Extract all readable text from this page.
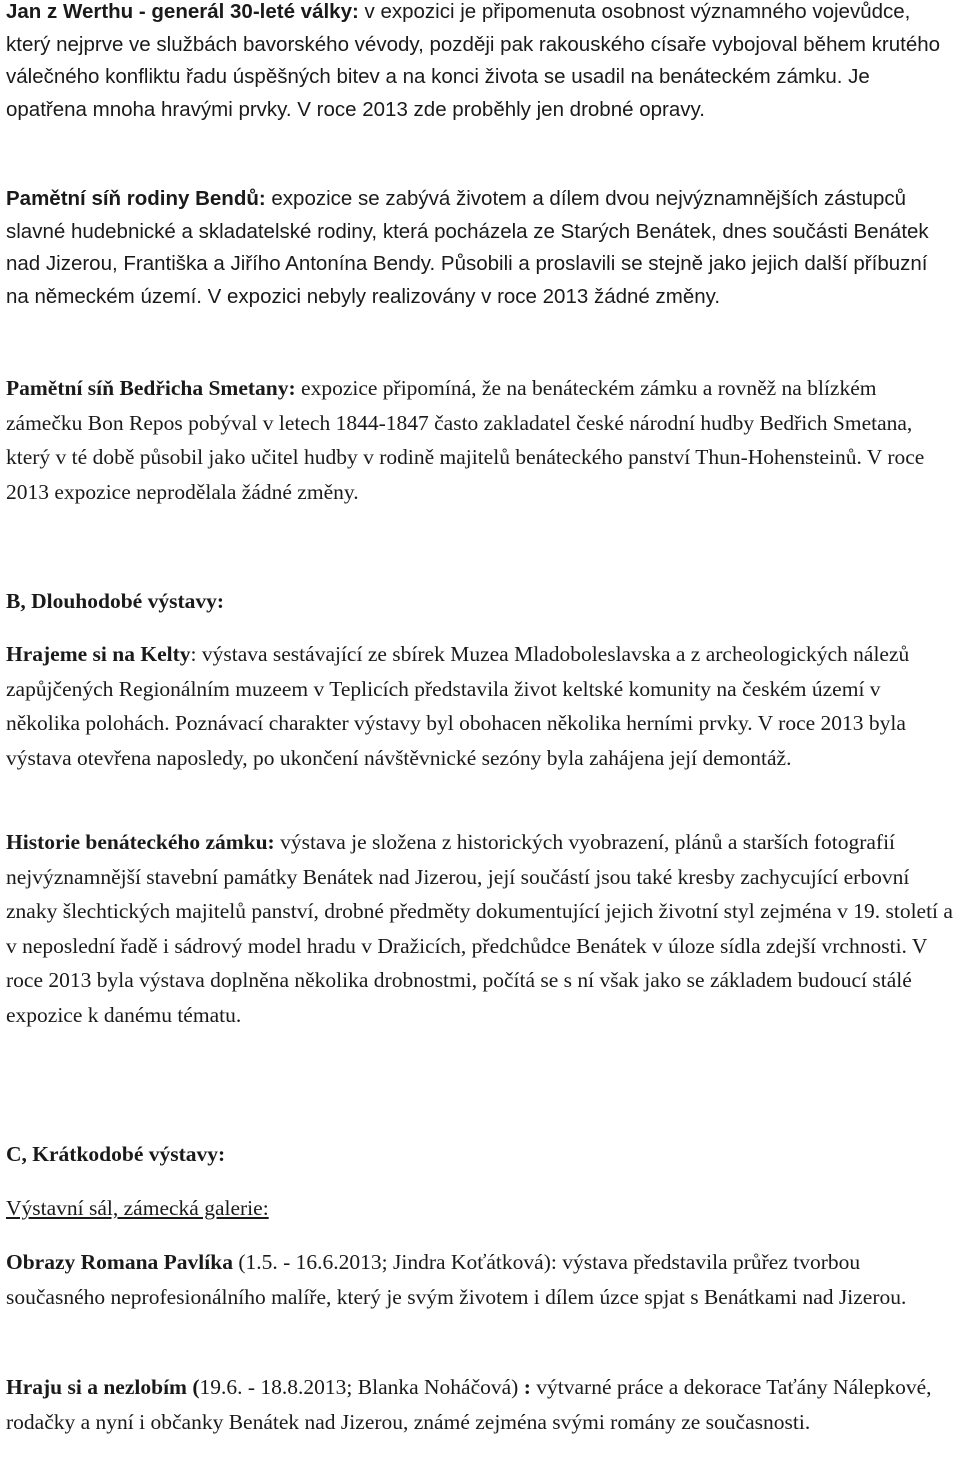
Jan z Werthu - generál 30-leté války: v expozici je připomenuta osobnost významného vojevůdce, který nejprve ve službách bavorského vévody, později pak rakouského císaře vybojoval během krutého válečného konfliktu řadu úspěšných bitev a na konci života se usadil na benáteckém zámku. Je opatřena mnoha hravými prvky. V roce 2013 zde proběhly jen drobné opravy.

Pamětní síň rodiny Bendů: expozice se zabývá životem a dílem dvou nejvýznamnějších zástupců slavné hudebnické a skladatelské rodiny, která pocházela ze Starých Benátek, dnes součásti Benátek nad Jizerou, Františka a Jiřího Antonína Bendy. Působili a proslavili se stejně jako jejich další příbuzní na německém území. V expozici nebyly realizovány v roce 2013 žádné změny.

Pamětní síň Bedřicha Smetany: expozice připomíná, že na benáteckém zámku a rovněž na blízkém zámečku Bon Repos pobýval v letech 1844-1847 často zakladatel české národní hudby Bedřich Smetana, který v té době působil jako učitel hudby v rodině majitelů benáteckého panství Thun-Hohensteinů. V roce 2013 expozice neprodělala žádné změny.

B, Dlouhodobé výstavy:

Hrajeme si na Kelty: výstava sestávající ze sbírek Muzea Mladoboleslavska a z archeologických nálezů zapůjčených Regionálním muzeem v Teplicích představila život keltské komunity na českém území v několika polohách. Poznávací charakter výstavy byl obohacen několika herními prvky. V roce 2013 byla výstava otevřena naposledy, po ukončení návštěvnické sezóny byla zahájena její demontáž.

Historie benáteckého zámku: výstava je složena z historických vyobrazení, plánů a starších fotografií nejvýznamnější stavební památky Benátek nad Jizerou, její součástí jsou také kresby zachycující erbovní znaky šlechtických majitelů panství, drobné předměty dokumentující jejich životní styl zejména v 19. století a v neposlední řadě i sádrový model hradu v Dražicích, předchůdce Benátek v úloze sídla zdejší vrchnosti. V roce 2013 byla výstava doplněna několika drobnostmi, počítá se s ní však jako se základem budoucí stálé expozice k danému tématu.

C, Krátkodobé výstavy:
Výstavní sál, zámecká galerie:

Obrazy Romana Pavlíka (1.5. - 16.6.2013; Jindra Koťátková): výstava představila průřez tvorbou současného neprofesionálního malíře, který je svým životem i dílem úzce spjat s Benátkami nad Jizerou.

Hraju si a nezlobím (19.6. - 18.8.2013; Blanka Noháčová) : výtvarné práce a dekorace Taťány Nálepkové, rodačky a nyní i občanky Benátek nad Jizerou, známé zejména svými romány ze současnosti.
